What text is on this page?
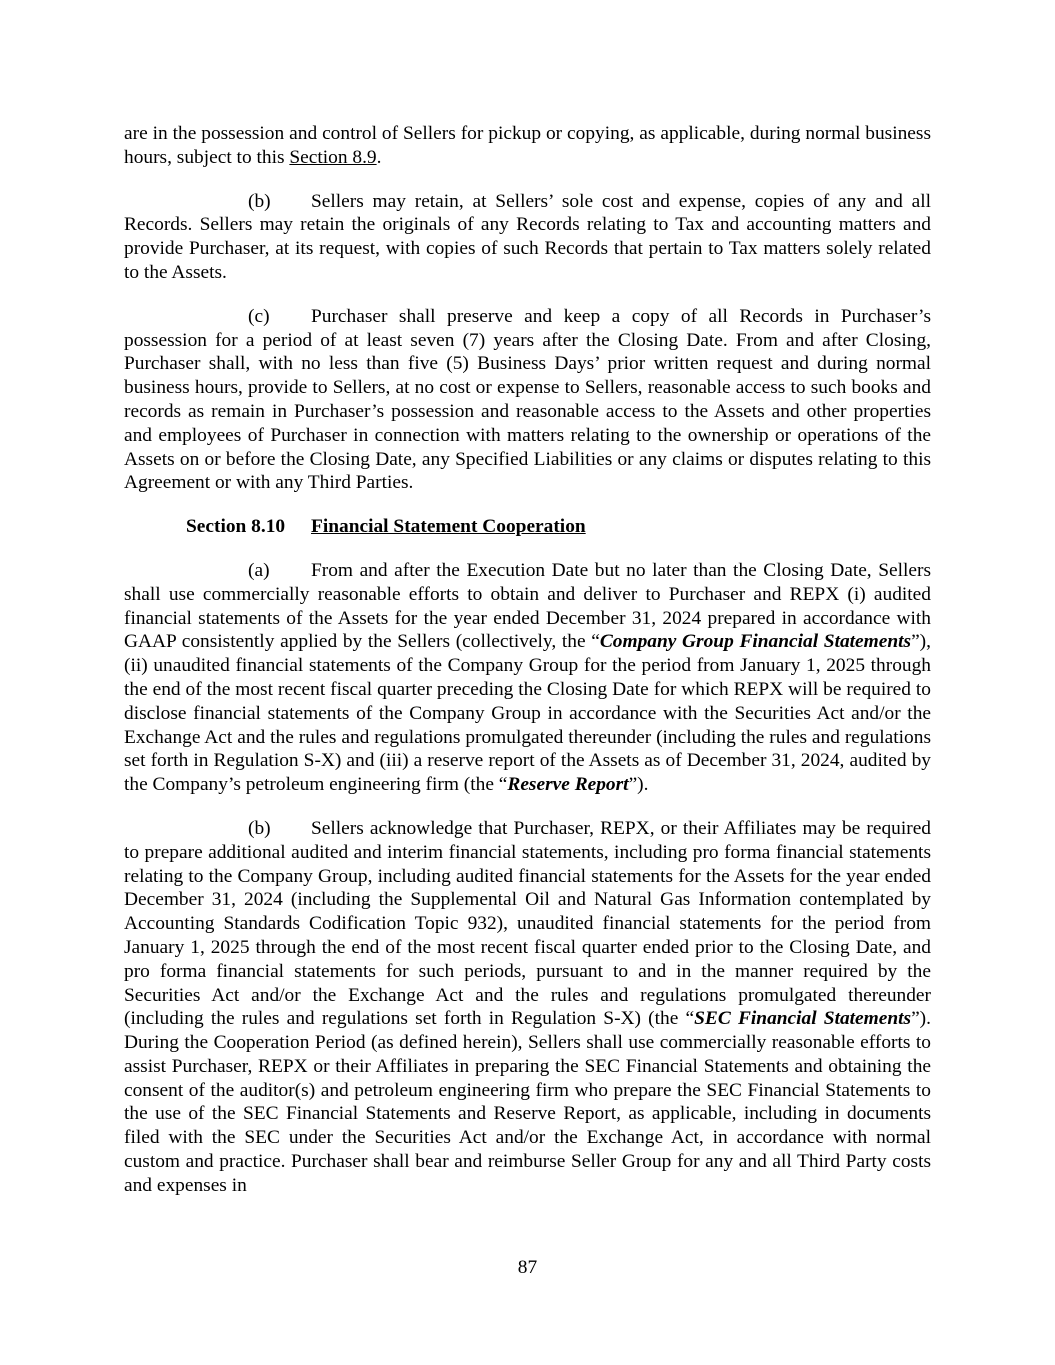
are in the possession and control of Sellers for pickup or copying, as applicable, during normal business hours, subject to this Section 8.9.

(b) Sellers may retain, at Sellers’ sole cost and expense, copies of any and all Records. Sellers may retain the originals of any Records relating to Tax and accounting matters and provide Purchaser, at its request, with copies of such Records that pertain to Tax matters solely related to the Assets.

(c) Purchaser shall preserve and keep a copy of all Records in Purchaser’s possession for a period of at least seven (7) years after the Closing Date. From and after Closing, Purchaser shall, with no less than five (5) Business Days’ prior written request and during normal business hours, provide to Sellers, at no cost or expense to Sellers, reasonable access to such books and records as remain in Purchaser’s possession and reasonable access to the Assets and other properties and employees of Purchaser in connection with matters relating to the ownership or operations of the Assets on or before the Closing Date, any Specified Liabilities or any claims or disputes relating to this Agreement or with any Third Parties.

Section 8.10 Financial Statement Cooperation

(a) From and after the Execution Date but no later than the Closing Date, Sellers shall use commercially reasonable efforts to obtain and deliver to Purchaser and REPX (i) audited financial statements of the Assets for the year ended December 31, 2024 prepared in accordance with GAAP consistently applied by the Sellers (collectively, the “Company Group Financial Statements”), (ii) unaudited financial statements of the Company Group for the period from January 1, 2025 through the end of the most recent fiscal quarter preceding the Closing Date for which REPX will be required to disclose financial statements of the Company Group in accordance with the Securities Act and/or the Exchange Act and the rules and regulations promulgated thereunder (including the rules and regulations set forth in Regulation S-X) and (iii) a reserve report of the Assets as of December 31, 2024, audited by the Company’s petroleum engineering firm (the “Reserve Report”).

(b) Sellers acknowledge that Purchaser, REPX, or their Affiliates may be required to prepare additional audited and interim financial statements, including pro forma financial statements relating to the Company Group, including audited financial statements for the Assets for the year ended December 31, 2024 (including the Supplemental Oil and Natural Gas Information contemplated by Accounting Standards Codification Topic 932), unaudited financial statements for the period from January 1, 2025 through the end of the most recent fiscal quarter ended prior to the Closing Date, and pro forma financial statements for such periods, pursuant to and in the manner required by the Securities Act and/or the Exchange Act and the rules and regulations promulgated thereunder (including the rules and regulations set forth in Regulation S-X) (the “SEC Financial Statements”). During the Cooperation Period (as defined herein), Sellers shall use commercially reasonable efforts to assist Purchaser, REPX or their Affiliates in preparing the SEC Financial Statements and obtaining the consent of the auditor(s) and petroleum engineering firm who prepare the SEC Financial Statements to the use of the SEC Financial Statements and Reserve Report, as applicable, including in documents filed with the SEC under the Securities Act and/or the Exchange Act, in accordance with normal custom and practice. Purchaser shall bear and reimburse Seller Group for any and all Third Party costs and expenses in

87
